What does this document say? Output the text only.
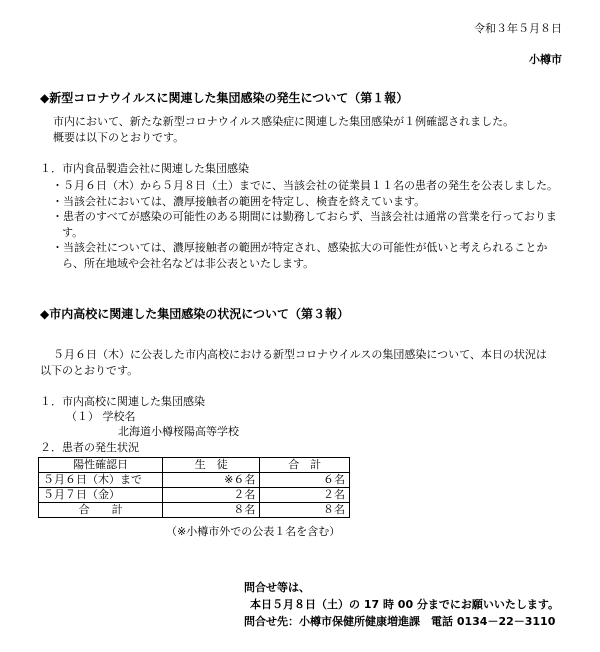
令和３年５月８日
小樽市
◆新型コロナウイルスに関連した集団感染の発生について（第１報）
市内において、新たな新型コロナウイルス感染症に関連した集団感染が１例確認されました。
概要は以下のとおりです。
１．市内食品製造会社に関連した集団感染
・５月６日（木）から５月８日（土）までに、当該会社の従業員１１名の患者の発生を公表しました。
・当該会社においては、濃厚接触者の範囲を特定し、検査を終えています。
・患者のすべてが感染の可能性のある期間には勤務しておらず、当該会社は通常の営業を行っておりま
す。
・当該会社については、濃厚接触者の範囲が特定され、感染拡大の可能性が低いと考えられることか
ら、所在地域や会社名などは非公表といたします。
◆市内高校に関連した集団感染の状況について（第３報）
５月６日（木）に公表した市内高校における新型コロナウイルスの集団感染について、本日の状況は
以下のとおりです。
１．市内高校に関連した集団感染
（１） 学校名
北海道小樽桜陽高等学校
２．患者の発生状況
陽性確認日	生　徒	合　計
５月６日（木）まで	※６名	６名
５月７日（金）	２名	２名
合　　計	８名	８名
（※小樽市外での公表１名を含む）
問合せ等は、
本日５月８日（土）の 17 時 00 分までにお願いいたします。
問合せ先：小樽市保健所健康増進課　電話 0134－22－3110
